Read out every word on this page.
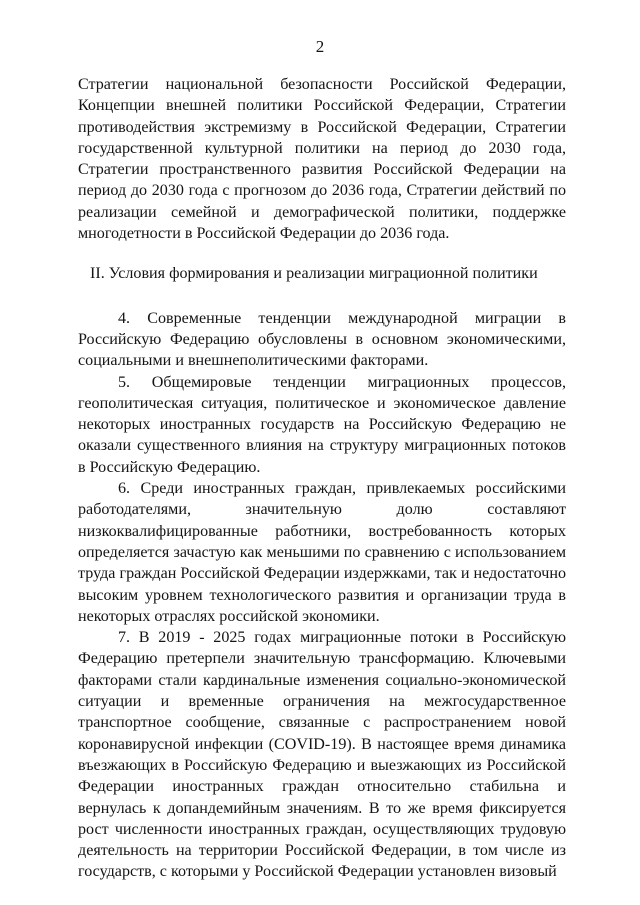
2

Стратегии национальной безопасности Российской Федерации, Концепции внешней политики Российской Федерации, Стратегии противодействия экстремизму в Российской Федерации, Стратегии государственной культурной политики на период до 2030 года, Стратегии пространственного развития Российской Федерации на период до 2030 года с прогнозом до 2036 года, Стратегии действий по реализации семейной и демографической политики, поддержке многодетности в Российской Федерации до 2036 года.

II. Условия формирования и реализации миграционной политики

4. Современные тенденции международной миграции в Российскую Федерацию обусловлены в основном экономическими, социальными и внешнеполитическими факторами.

5. Общемировые тенденции миграционных процессов, геополитическая ситуация, политическое и экономическое давление некоторых иностранных государств на Российскую Федерацию не оказали существенного влияния на структуру миграционных потоков в Российскую Федерацию.

6. Среди иностранных граждан, привлекаемых российскими работодателями, значительную долю составляют низкоквалифицированные работники, востребованность которых определяется зачастую как меньшими по сравнению с использованием труда граждан Российской Федерации издержками, так и недостаточно высоким уровнем технологического развития и организации труда в некоторых отраслях российской экономики.

7. В 2019 - 2025 годах миграционные потоки в Российскую Федерацию претерпели значительную трансформацию. Ключевыми факторами стали кардинальные изменения социально-экономической ситуации и временные ограничения на межгосударственное транспортное сообщение, связанные с распространением новой коронавирусной инфекции (COVID-19). В настоящее время динамика въезжающих в Российскую Федерацию и выезжающих из Российской Федерации иностранных граждан относительно стабильна и вернулась к допандемийным значениям. В то же время фиксируется рост численности иностранных граждан, осуществляющих трудовую деятельность на территории Российской Федерации, в том числе из государств, с которыми у Российской Федерации установлен визовый
